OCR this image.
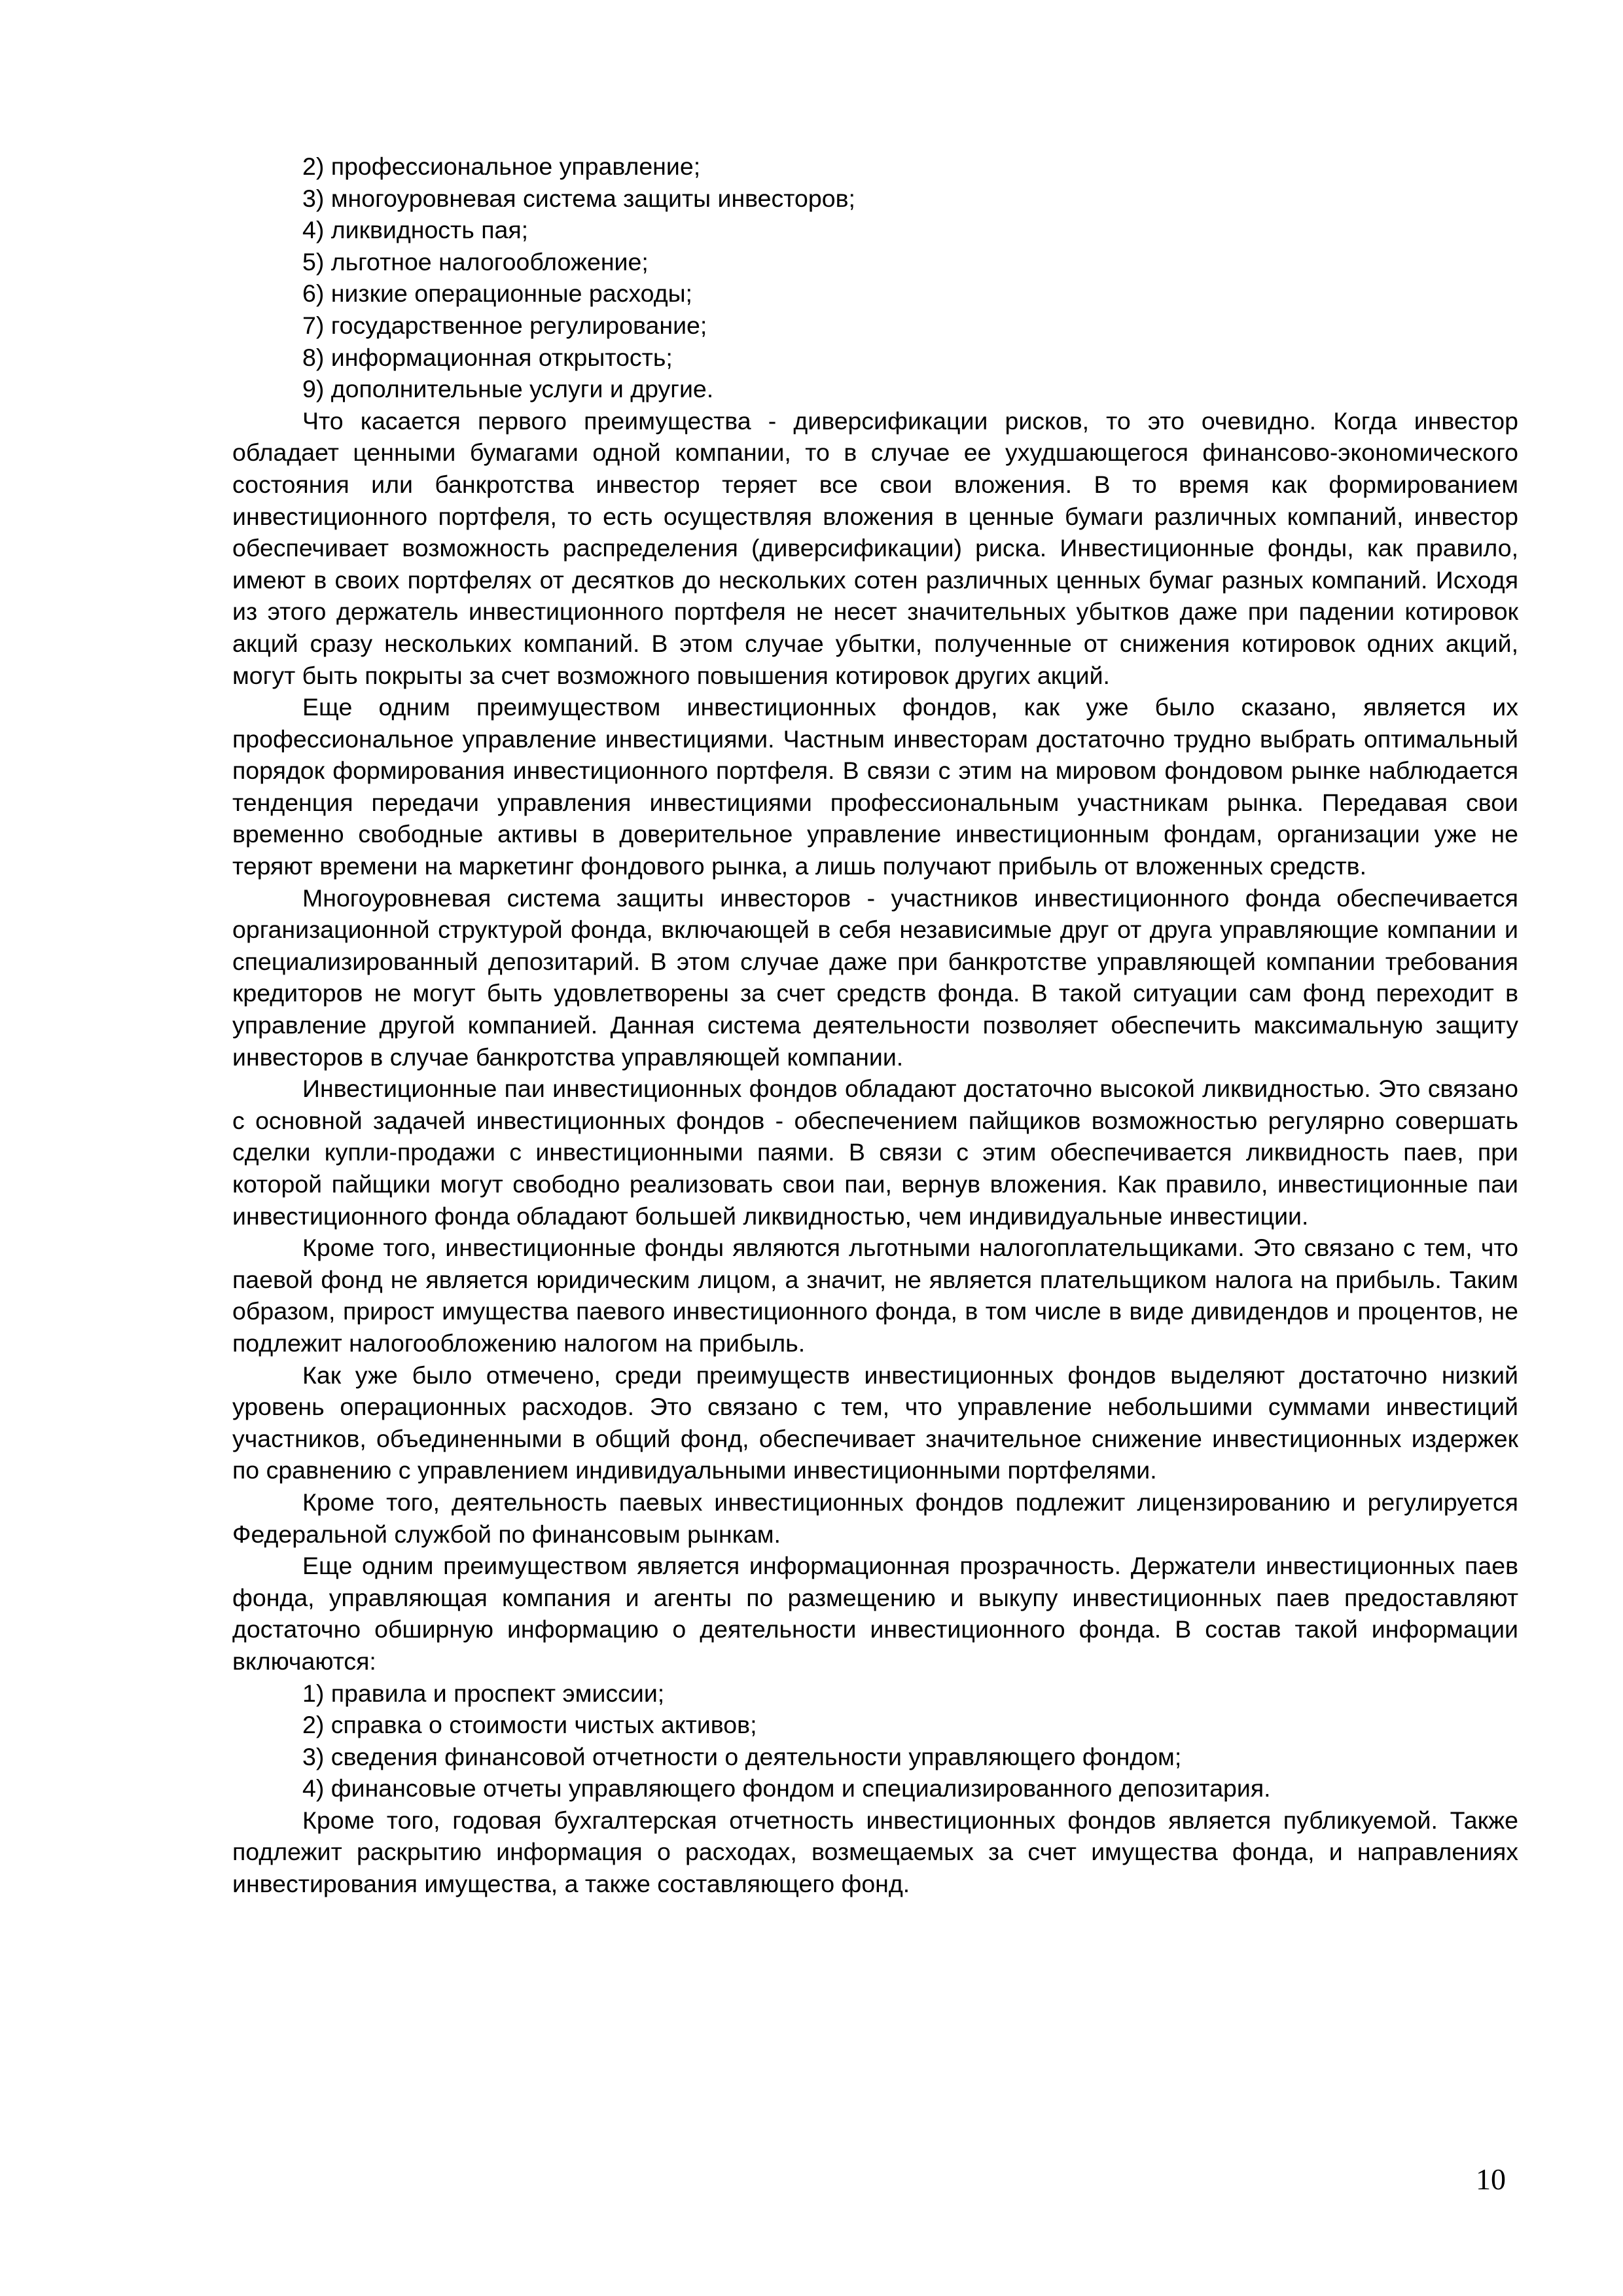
2) профессиональное управление;

3) многоуровневая система защиты инвесторов;

4) ликвидность пая;

5) льготное налогообложение;

6) низкие операционные расходы;

7) государственное регулирование;

8) информационная открытость;

9) дополнительные услуги и другие.

Что касается первого преимущества - диверсификации рисков, то это очевидно. Когда инвестор обладает ценными бумагами одной компании, то в случае ее ухудшающегося финансово-экономического состояния или банкротства инвестор теряет все свои вложения. В то время как формированием инвестиционного портфеля, то есть осуществляя вложения в ценные бумаги различных компаний, инвестор обеспечивает возможность распределения (диверсификации) риска. Инвестиционные фонды, как правило, имеют в своих портфелях от десятков до нескольких сотен различных ценных бумаг разных компаний. Исходя из этого держатель инвестиционного портфеля не несет значительных убытков даже при падении котировок акций сразу нескольких компаний. В этом случае убытки, полученные от снижения котировок одних акций, могут быть покрыты за счет возможного повышения котировок других акций.

Еще одним преимуществом инвестиционных фондов, как уже было сказано, является их профессиональное управление инвестициями. Частным инвесторам достаточно трудно выбрать оптимальный порядок формирования инвестиционного портфеля. В связи с этим на мировом фондовом рынке наблюдается тенденция передачи управления инвестициями профессиональным участникам рынка. Передавая свои временно свободные активы в доверительное управление инвестиционным фондам, организации уже не теряют времени на маркетинг фондового рынка, а лишь получают прибыль от вложенных средств.

Многоуровневая система защиты инвесторов - участников инвестиционного фонда обеспечивается организационной структурой фонда, включающей в себя независимые друг от друга управляющие компании и специализированный депозитарий. В этом случае даже при банкротстве управляющей компании требования кредиторов не могут быть удовлетворены за счет средств фонда. В такой ситуации сам фонд переходит в управление другой компанией. Данная система деятельности позволяет обеспечить максимальную защиту инвесторов в случае банкротства управляющей компании.

Инвестиционные паи инвестиционных фондов обладают достаточно высокой ликвидностью. Это связано с основной задачей инвестиционных фондов - обеспечением пайщиков возможностью регулярно совершать сделки купли-продажи с инвестиционными паями. В связи с этим обеспечивается ликвидность паев, при которой пайщики могут свободно реализовать свои паи, вернув вложения. Как правило, инвестиционные паи инвестиционного фонда обладают большей ликвидностью, чем индивидуальные инвестиции.

Кроме того, инвестиционные фонды являются льготными налогоплательщиками. Это связано с тем, что паевой фонд не является юридическим лицом, а значит, не является плательщиком налога на прибыль. Таким образом, прирост имущества паевого инвестиционного фонда, в том числе в виде дивидендов и процентов, не подлежит налогообложению налогом на прибыль.

Как уже было отмечено, среди преимуществ инвестиционных фондов выделяют достаточно низкий уровень операционных расходов. Это связано с тем, что управление небольшими суммами инвестиций участников, объединенными в общий фонд, обеспечивает значительное снижение инвестиционных издержек по сравнению с управлением индивидуальными инвестиционными портфелями.

Кроме того, деятельность паевых инвестиционных фондов подлежит лицензированию и регулируется Федеральной службой по финансовым рынкам.

Еще одним преимуществом является информационная прозрачность. Держатели инвестиционных паев фонда, управляющая компания и агенты по размещению и выкупу инвестиционных паев предоставляют достаточно обширную информацию о деятельности инвестиционного фонда. В состав такой информации включаются:

1) правила и проспект эмиссии;

2) справка о стоимости чистых активов;

3) сведения финансовой отчетности о деятельности управляющего фондом;

4) финансовые отчеты управляющего фондом и специализированного депозитария.

Кроме того, годовая бухгалтерская отчетность инвестиционных фондов является публикуемой. Также подлежит раскрытию информация о расходах, возмещаемых за счет имущества фонда, и направлениях инвестирования имущества, а также составляющего фонд.

10
